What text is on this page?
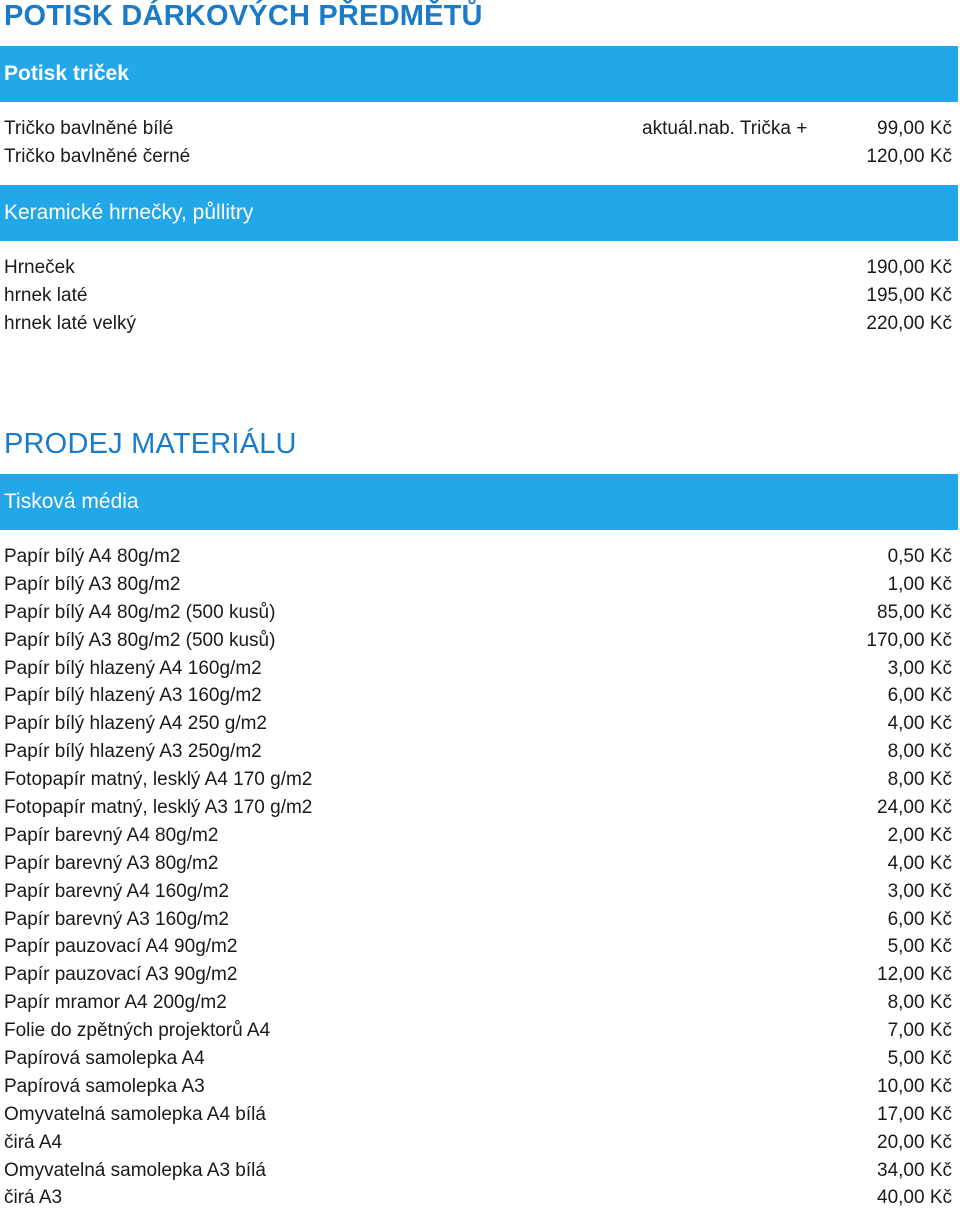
POTISK DÁRKOVÝCH PŘEDMĚTŮ
Potisk triček
Tričko bavlněné bílé	aktuál.nab. Trička +	99,00 Kč
Tričko bavlněné černé	120,00 Kč
Keramické hrnečky, půllitry
Hrneček	190,00 Kč
hrnek laté	195,00 Kč
hrnek laté velký	220,00 Kč
PRODEJ MATERIÁLU
Tisková média
Papír bílý A4 80g/m2	0,50 Kč
Papír bílý A3 80g/m2	1,00 Kč
Papír bílý A4 80g/m2 (500 kusů)	85,00 Kč
Papír bílý A3 80g/m2 (500 kusů)	170,00 Kč
Papír bílý hlazený A4 160g/m2	3,00 Kč
Papír bílý hlazený A3 160g/m2	6,00 Kč
Papír bílý hlazený A4 250 g/m2	4,00 Kč
Papír bílý hlazený A3 250g/m2	8,00 Kč
Fotopapír matný, lesklý A4 170 g/m2	8,00 Kč
Fotopapír matný, lesklý A3 170 g/m2	24,00 Kč
Papír barevný A4 80g/m2	2,00 Kč
Papír barevný A3 80g/m2	4,00 Kč
Papír barevný A4 160g/m2	3,00 Kč
Papír barevný A3 160g/m2	6,00 Kč
Papír pauzovací A4 90g/m2	5,00 Kč
Papír pauzovací A3 90g/m2	12,00 Kč
Papír mramor A4 200g/m2	8,00 Kč
Folie do zpětných projektorů A4	7,00 Kč
Papírová samolepka A4	5,00 Kč
Papírová samolepka A3	10,00 Kč
Omyvatelná samolepka A4 bílá	17,00 Kč
čirá A4	20,00 Kč
Omyvatelná samolepka A3 bílá	34,00 Kč
čirá A3	40,00 Kč
